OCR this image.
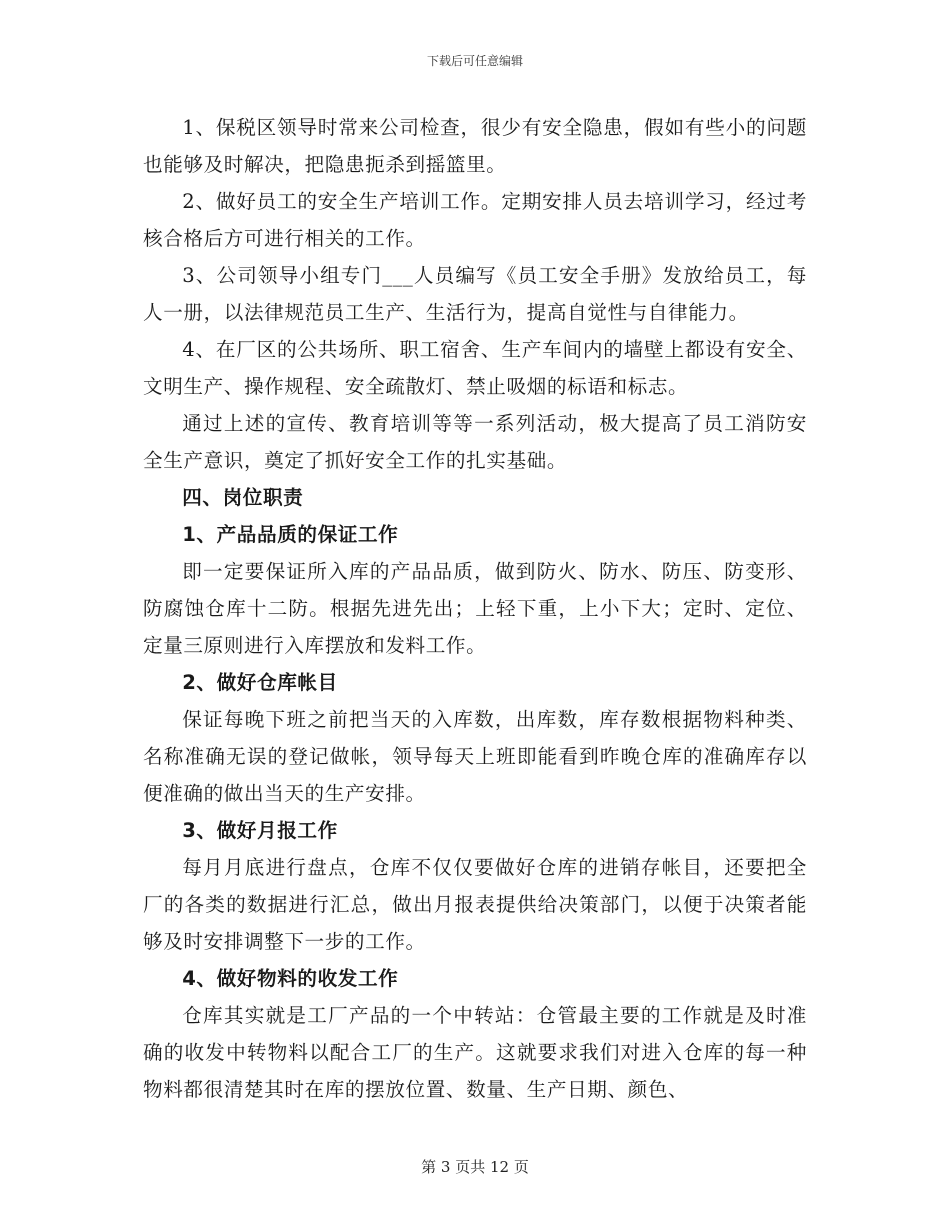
下载后可任意编辑

1、保税区领导时常来公司检查，很少有安全隐患，假如有些小的问题也能够及时解决，把隐患扼杀到摇篮里。

2、做好员工的安全生产培训工作。定期安排人员去培训学习，经过考核合格后方可进行相关的工作。

3、公司领导小组专门___人员编写《员工安全手册》发放给员工，每人一册，以法律规范员工生产、生活行为，提高自觉性与自律能力。

4、在厂区的公共场所、职工宿舍、生产车间内的墙壁上都设有安全、文明生产、操作规程、安全疏散灯、禁止吸烟的标语和标志。

通过上述的宣传、教育培训等等一系列活动，极大提高了员工消防安全生产意识，奠定了抓好安全工作的扎实基础。

四、岗位职责

1、产品品质的保证工作

即一定要保证所入库的产品品质，做到防火、防水、防压、防变形、防腐蚀仓库十二防。根据先进先出；上轻下重，上小下大；定时、定位、定量三原则进行入库摆放和发料工作。

2、做好仓库帐目

保证每晚下班之前把当天的入库数，出库数，库存数根据物料种类、名称准确无误的登记做帐，领导每天上班即能看到昨晚仓库的准确库存以便准确的做出当天的生产安排。

3、做好月报工作

每月月底进行盘点，仓库不仅仅要做好仓库的进销存帐目，还要把全厂的各类的数据进行汇总，做出月报表提供给决策部门，以便于决策者能够及时安排调整下一步的工作。

4、做好物料的收发工作

仓库其实就是工厂产品的一个中转站：仓管最主要的工作就是及时准确的收发中转物料以配合工厂的生产。这就要求我们对进入仓库的每一种物料都很清楚其时在库的摆放位置、数量、生产日期、颜色、

第 3 页共 12 页
